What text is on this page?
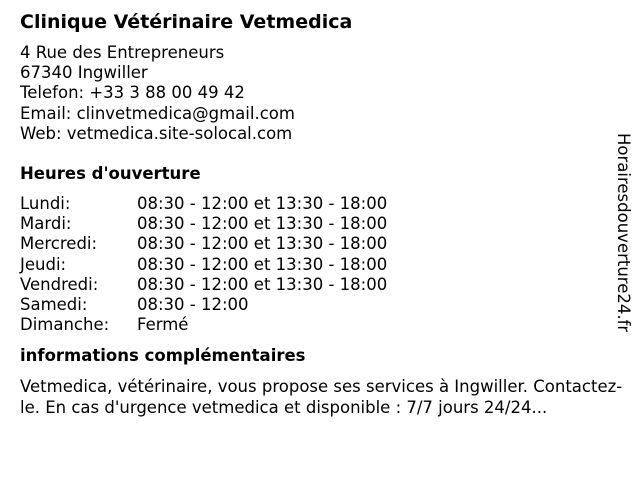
Clinique Vétérinaire Vetmedica
4 Rue des Entrepreneurs
67340 Ingwiller
Telefon: +33 3 88 00 49 42
Email: clinvetmedica@gmail.com
Web: vetmedica.site-solocal.com
Heures d'ouverture
Lundi:	08:30 - 12:00 et 13:30 - 18:00
Mardi:	08:30 - 12:00 et 13:30 - 18:00
Mercredi:	08:30 - 12:00 et 13:30 - 18:00
Jeudi:	08:30 - 12:00 et 13:30 - 18:00
Vendredi:	08:30 - 12:00 et 13:30 - 18:00
Samedi:	08:30 - 12:00
Dimanche:	Fermé
informations complémentaires
Vetmedica, vétérinaire, vous propose ses services à Ingwiller. Contactez-le. En cas d'urgence vetmedica et disponible : 7/7 jours 24/24...
Horairesdouverture24.fr
